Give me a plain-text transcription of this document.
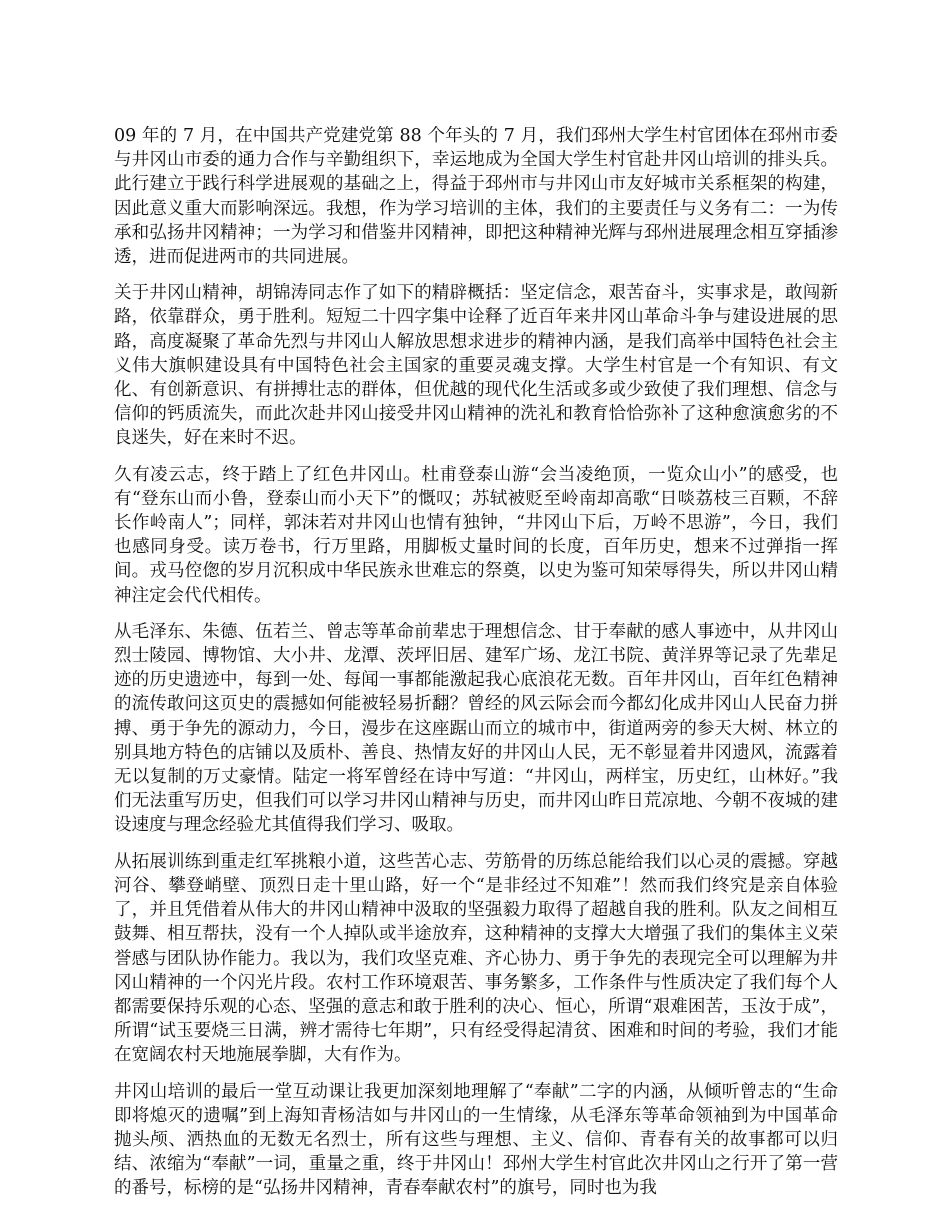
09 年的 7 月，在中国共产党建党第 88 个年头的 7 月，我们邳州大学生村官团体在邳州市委与井冈山市委的通力合作与辛勤组织下，幸运地成为全国大学生村官赴井冈山培训的排头兵。此行建立于践行科学进展观的基础之上，得益于邳州市与井冈山市友好城市关系框架的构建，因此意义重大而影响深远。我想，作为学习培训的主体，我们的主要责任与义务有二：一为传承和弘扬井冈精神；一为学习和借鉴井冈精神，即把这种精神光辉与邳州进展理念相互穿插渗透，进而促进两市的共同进展。

关于井冈山精神，胡锦涛同志作了如下的精辟概括：坚定信念，艰苦奋斗，实事求是，敢闯新路，依靠群众，勇于胜利。短短二十四字集中诠释了近百年来井冈山革命斗争与建设进展的思路，高度凝聚了革命先烈与井冈山人解放思想求进步的精神内涵，是我们高举中国特色社会主义伟大旗帜建设具有中国特色社会主国家的重要灵魂支撑。大学生村官是一个有知识、有文化、有创新意识、有拼搏壮志的群体，但优越的现代化生活或多或少致使了我们理想、信念与信仰的钙质流失，而此次赴井冈山接受井冈山精神的洗礼和教育恰恰弥补了这种愈演愈劣的不良迷失，好在来时不迟。

久有凌云志，终于踏上了红色井冈山。杜甫登泰山游“会当凌绝顶，一览众山小”的感受，也有“登东山而小鲁，登泰山而小天下”的慨叹；苏轼被贬至岭南却高歌“日啖荔枝三百颗，不辞长作岭南人”；同样，郭沫若对井冈山也情有独钟，“井冈山下后，万岭不思游”，今日，我们也感同身受。读万卷书，行万里路，用脚板丈量时间的长度，百年历史，想来不过弹指一挥间。戎马倥偬的岁月沉积成中华民族永世难忘的祭奠，以史为鉴可知荣辱得失，所以井冈山精神注定会代代相传。

从毛泽东、朱德、伍若兰、曾志等革命前辈忠于理想信念、甘于奉献的感人事迹中，从井冈山烈士陵园、博物馆、大小井、龙潭、茨坪旧居、建军广场、龙江书院、黄洋界等记录了先辈足迹的历史遗迹中，每到一处、每闻一事都能激起我心底浪花无数。百年井冈山，百年红色精神的流传敢问这页史的震撼如何能被轻易折翻？曾经的风云际会而今都幻化成井冈山人民奋力拼搏、勇于争先的源动力，今日，漫步在这座踞山而立的城市中，街道两旁的参天大树、林立的别具地方特色的店铺以及质朴、善良、热情友好的井冈山人民，无不彰显着井冈遗风，流露着无以复制的万丈豪情。陆定一将军曾经在诗中写道：“井冈山，两样宝，历史红，山林好。”我们无法重写历史，但我们可以学习井冈山精神与历史，而井冈山昨日荒凉地、今朝不夜城的建设速度与理念经验尤其值得我们学习、吸取。

从拓展训练到重走红军挑粮小道，这些苦心志、劳筋骨的历练总能给我们以心灵的震撼。穿越河谷、攀登峭壁、顶烈日走十里山路，好一个“是非经过不知难”！然而我们终究是亲自体验了，并且凭借着从伟大的井冈山精神中汲取的坚强毅力取得了超越自我的胜利。队友之间相互鼓舞、相互帮扶，没有一个人掉队或半途放弃，这种精神的支撑大大增强了我们的集体主义荣誉感与团队协作能力。我以为，我们攻坚克难、齐心协力、勇于争先的表现完全可以理解为井冈山精神的一个闪光片段。农村工作环境艰苦、事务繁多，工作条件与性质决定了我们每个人都需要保持乐观的心态、坚强的意志和敢于胜利的决心、恒心，所谓“艰难困苦，玉汝于成”，所谓“试玉要烧三日满，辨才需待七年期”，只有经受得起清贫、困难和时间的考验，我们才能在宽阔农村天地施展拳脚，大有作为。

井冈山培训的最后一堂互动课让我更加深刻地理解了“奉献”二字的内涵，从倾听曾志的“生命即将熄灭的遗嘱”到上海知青杨洁如与井冈山的一生情缘，从毛泽东等革命领袖到为中国革命抛头颅、洒热血的无数无名烈士，所有这些与理想、主义、信仰、青春有关的故事都可以归结、浓缩为“奉献”一词，重量之重，终于井冈山！邳州大学生村官此次井冈山之行开了第一营的番号，标榜的是“弘扬井冈精神，青春奉献农村”的旗号，同时也为我
